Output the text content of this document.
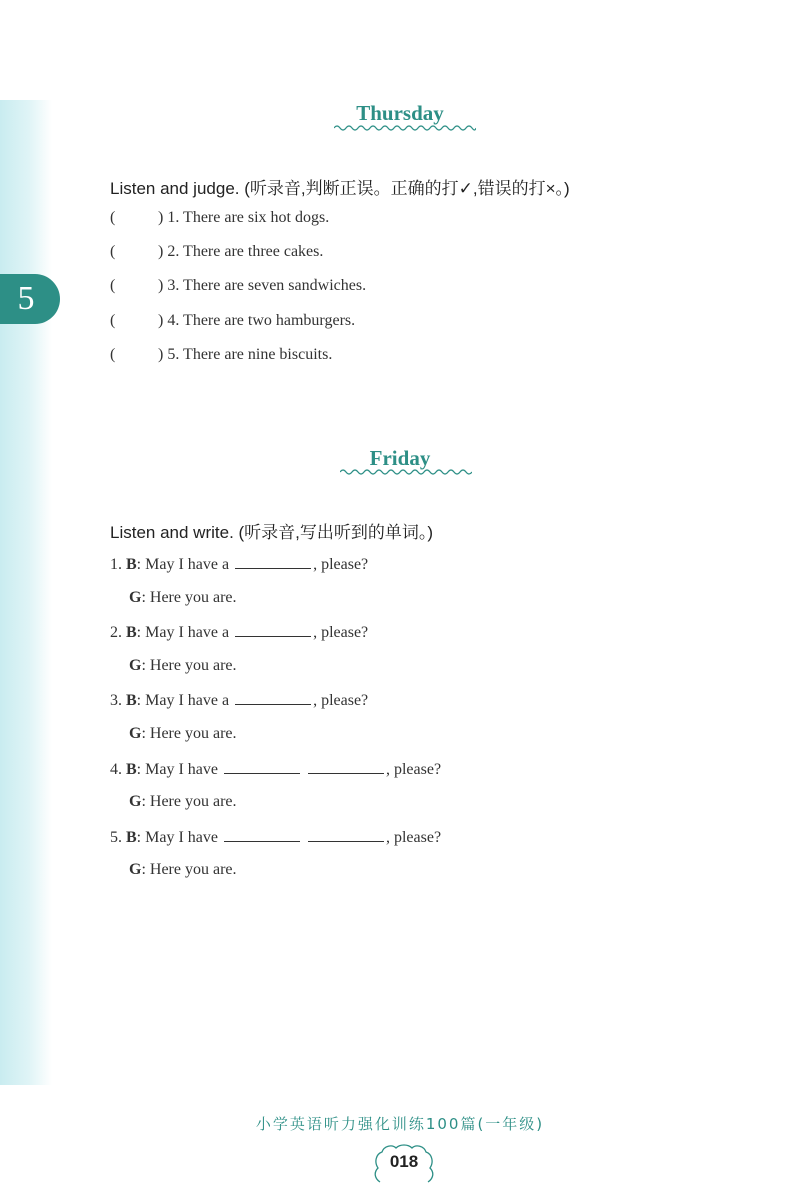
5
Thursday
Listen and judge. (听录音,判断正误。正确的打✓,错误的打×。)
(	) 1. There are six hot dogs.
(	) 2. There are three cakes.
(	) 3. There are seven sandwiches.
(	) 4. There are two hamburgers.
(	) 5. There are nine biscuits.
Friday
Listen and write. (听录音,写出听到的单词。)
1. B: May I have a	, please?
G: Here you are.
2. B: May I have a	, please?
G: Here you are.
3. B: May I have a	, please?
G: Here you are.
4. B: May I have	, please?
G: Here you are.
5. B: May I have	, please?
G: Here you are.
小学英语听力强化训练100篇(一年级)
018
